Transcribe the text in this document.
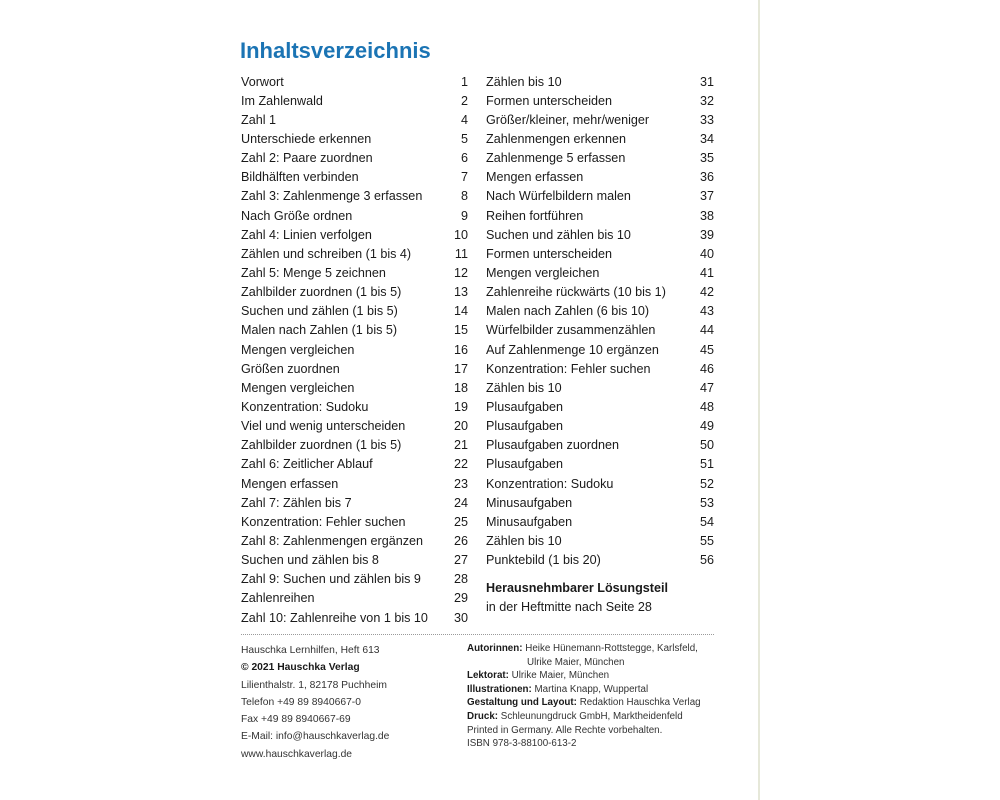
Inhaltsverzeichnis
Vorwort	1
Im Zahlenwald	2
Zahl 1	4
Unterschiede erkennen	5
Zahl 2: Paare zuordnen	6
Bildhälften verbinden	7
Zahl 3: Zahlenmenge 3 erfassen	8
Nach Größe ordnen	9
Zahl 4: Linien verfolgen	10
Zählen und schreiben (1 bis 4)	11
Zahl 5: Menge 5 zeichnen	12
Zahlbilder zuordnen (1 bis 5)	13
Suchen und zählen (1 bis 5)	14
Malen nach Zahlen (1 bis 5)	15
Mengen vergleichen	16
Größen zuordnen	17
Mengen vergleichen	18
Konzentration: Sudoku	19
Viel und wenig unterscheiden	20
Zahlbilder zuordnen (1 bis 5)	21
Zahl 6: Zeitlicher Ablauf	22
Mengen erfassen	23
Zahl 7: Zählen bis 7	24
Konzentration: Fehler suchen	25
Zahl 8: Zahlenmengen ergänzen 26
Suchen und zählen bis 8	27
Zahl 9: Suchen und zählen bis 9	28
Zahlenreihen	29
Zahl 10: Zahlenreihe von 1 bis 10 30
Zählen bis 10	31
Formen unterscheiden	32
Größer/kleiner, mehr/weniger	33
Zahlenmengen erkennen	34
Zahlenmenge 5 erfassen	35
Mengen erfassen	36
Nach Würfelbildern malen	37
Reihen fortführen	38
Suchen und zählen bis 10	39
Formen unterscheiden	40
Mengen vergleichen	41
Zahlenreihe rückwärts (10 bis 1)	42
Malen nach Zahlen (6 bis 10)	43
Würfelbilder zusammenzählen	44
Auf Zahlenmenge 10 ergänzen	45
Konzentration: Fehler suchen	46
Zählen bis 10	47
Plusaufgaben	48
Plusaufgaben	49
Plusaufgaben zuordnen	50
Plusaufgaben	51
Konzentration: Sudoku	52
Minusaufgaben	53
Minusaufgaben	54
Zählen bis 10	55
Punktebild (1 bis 20)	56
Herausnehmbarer Lösungsteil
in der Heftmitte nach Seite 28
Hauschka Lernhilfen, Heft 613
© 2021 Hauschka Verlag
Lilienthalstr. 1, 82178 Puchheim
Telefon +49 89 8940667-0
Fax +49 89 8940667-69
E-Mail: info@hauschkaverlag.de
www.hauschkaverlag.de
Autorinnen: Heike Hünemann-Rottstegge, Karlsfeld,
Ulrike Maier, München
Lektorat: Ulrike Maier, München
Illustrationen: Martina Knapp, Wuppertal
Gestaltung und Layout: Redaktion Hauschka Verlag
Druck: Schleunungdruck GmbH, Marktheidenfeld
Printed in Germany. Alle Rechte vorbehalten.
ISBN 978-3-88100-613-2
